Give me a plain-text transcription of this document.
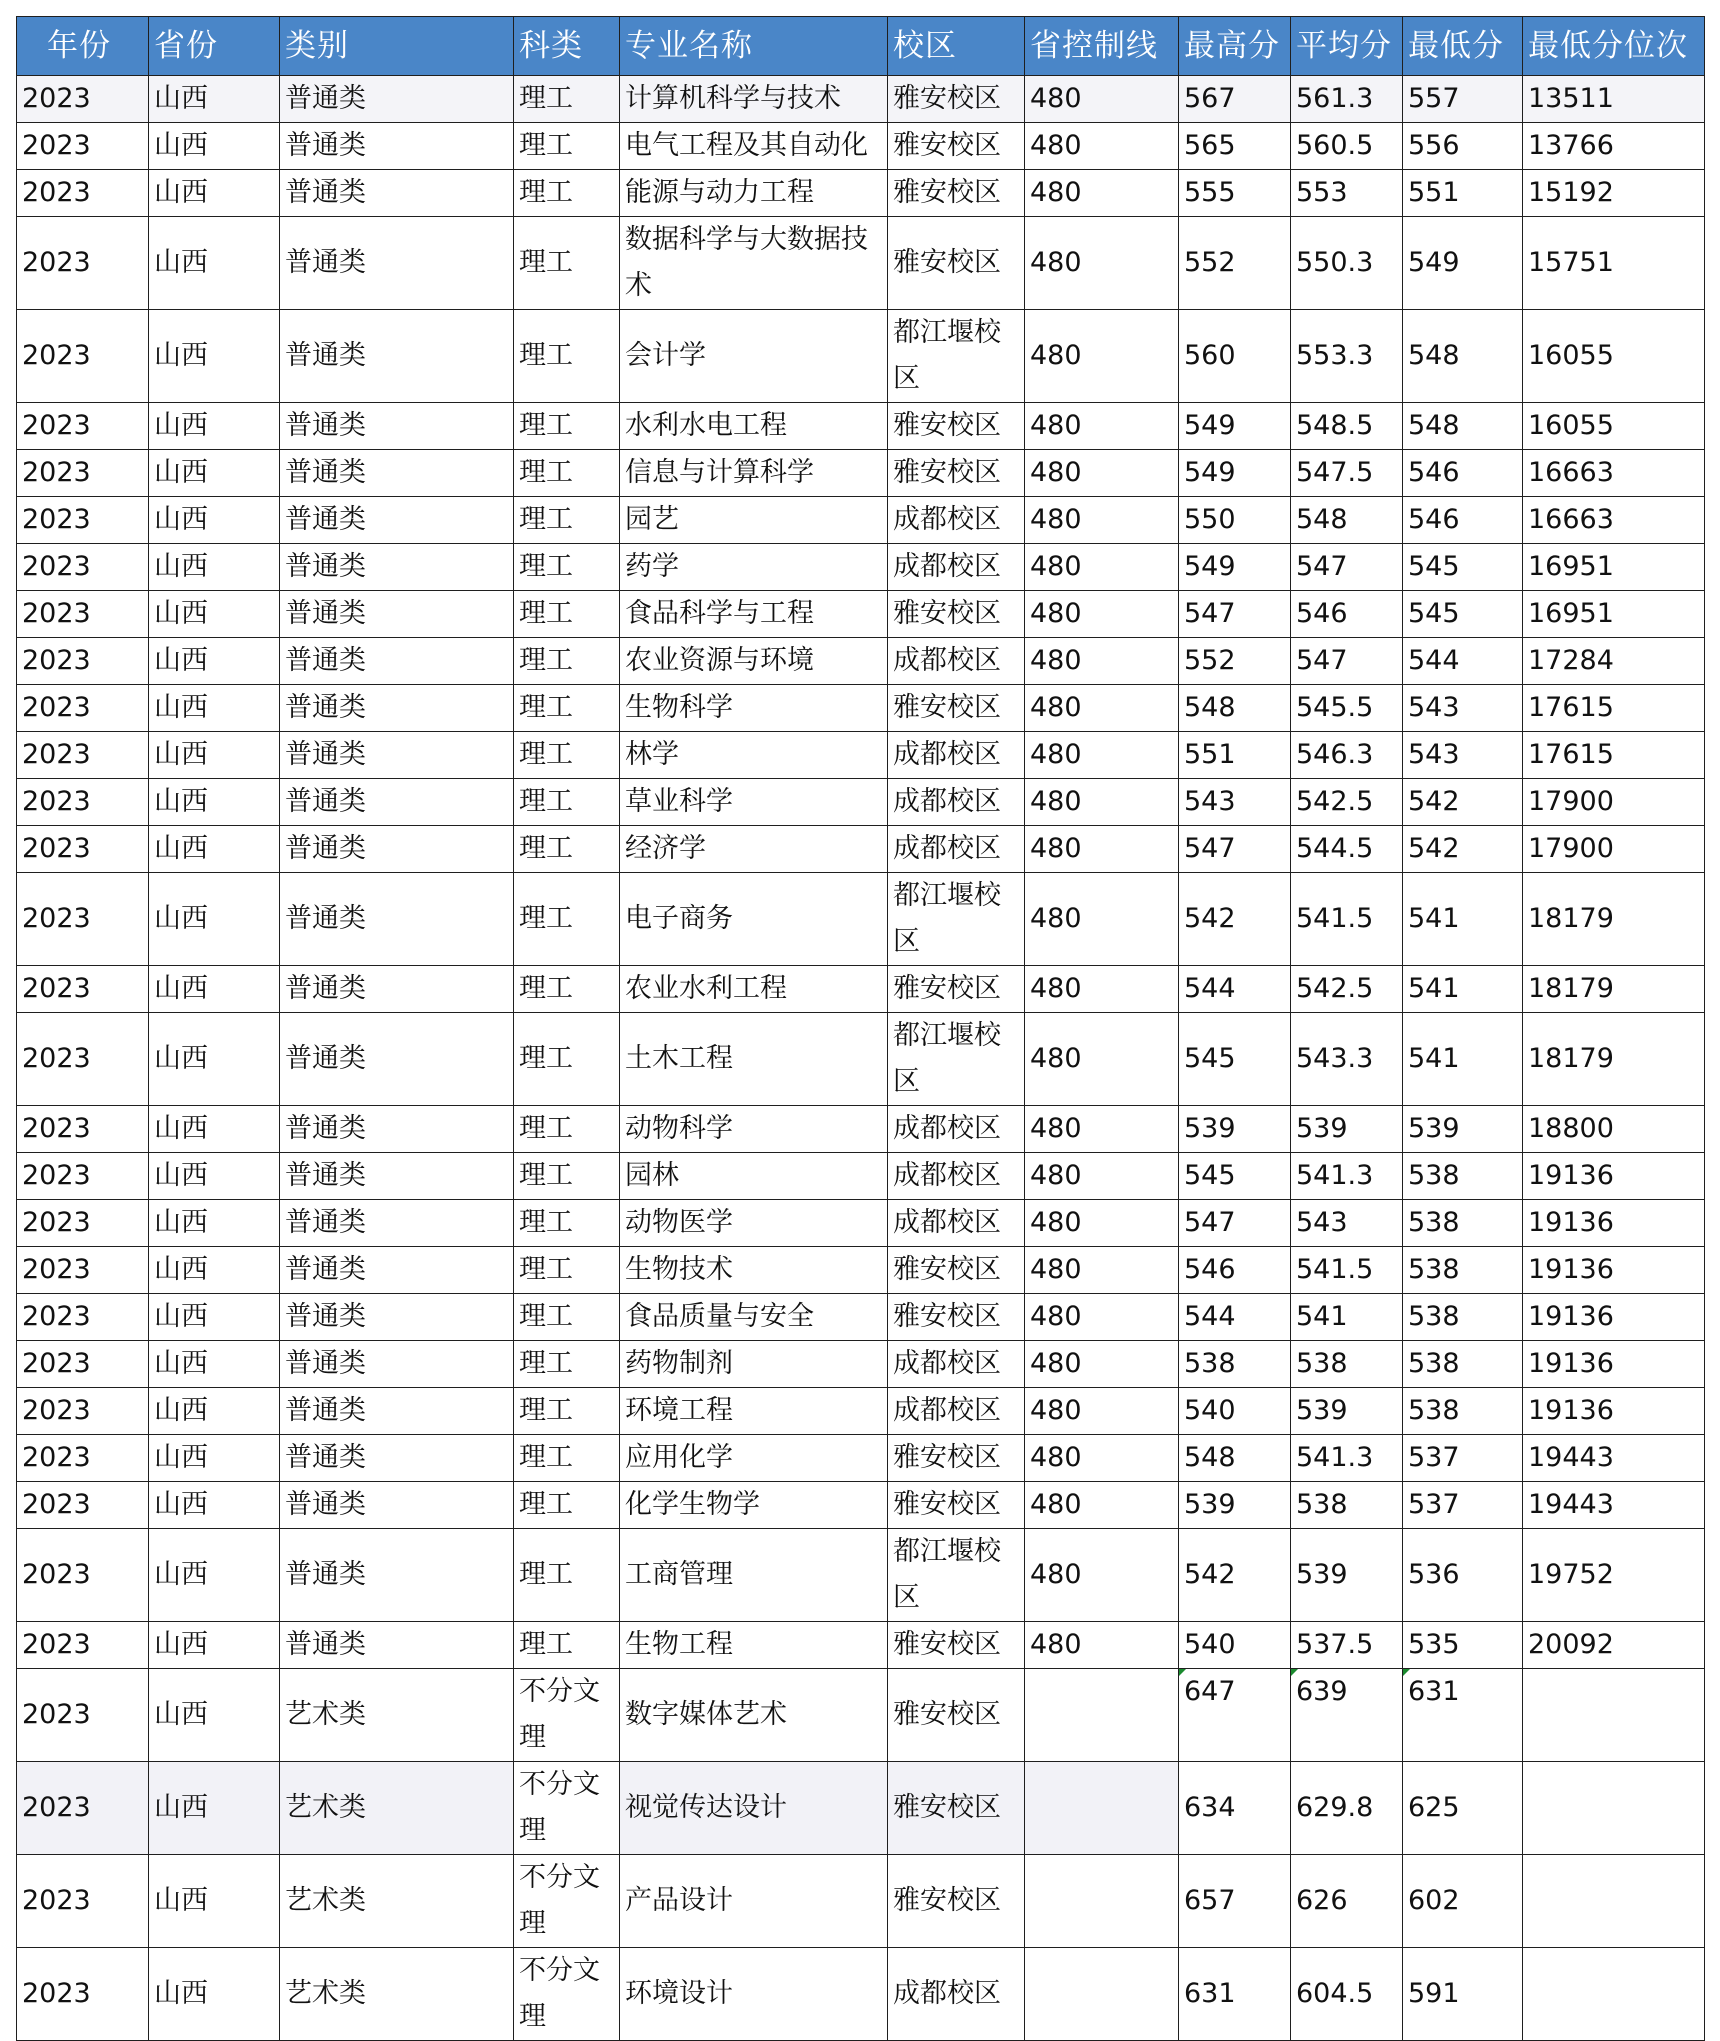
年份	省份	类别	科类	专业名称	校区	省控制线	最高分	平均分	最低分	最低分位次
2023	山西	普通类	理工	计算机科学与技术	雅安校区	480	567	561.3	557	13511
2023	山西	普通类	理工	电气工程及其自动化	雅安校区	480	565	560.5	556	13766
2023	山西	普通类	理工	能源与动力工程	雅安校区	480	555	553	551	15192
2023	山西	普通类	理工	数据科学与大数据技术	雅安校区	480	552	550.3	549	15751
2023	山西	普通类	理工	会计学	都江堰校区	480	560	553.3	548	16055
2023	山西	普通类	理工	水利水电工程	雅安校区	480	549	548.5	548	16055
2023	山西	普通类	理工	信息与计算科学	雅安校区	480	549	547.5	546	16663
2023	山西	普通类	理工	园艺	成都校区	480	550	548	546	16663
2023	山西	普通类	理工	药学	成都校区	480	549	547	545	16951
2023	山西	普通类	理工	食品科学与工程	雅安校区	480	547	546	545	16951
2023	山西	普通类	理工	农业资源与环境	成都校区	480	552	547	544	17284
2023	山西	普通类	理工	生物科学	雅安校区	480	548	545.5	543	17615
2023	山西	普通类	理工	林学	成都校区	480	551	546.3	543	17615
2023	山西	普通类	理工	草业科学	成都校区	480	543	542.5	542	17900
2023	山西	普通类	理工	经济学	成都校区	480	547	544.5	542	17900
2023	山西	普通类	理工	电子商务	都江堰校区	480	542	541.5	541	18179
2023	山西	普通类	理工	农业水利工程	雅安校区	480	544	542.5	541	18179
2023	山西	普通类	理工	土木工程	都江堰校区	480	545	543.3	541	18179
2023	山西	普通类	理工	动物科学	成都校区	480	539	539	539	18800
2023	山西	普通类	理工	园林	成都校区	480	545	541.3	538	19136
2023	山西	普通类	理工	动物医学	成都校区	480	547	543	538	19136
2023	山西	普通类	理工	生物技术	雅安校区	480	546	541.5	538	19136
2023	山西	普通类	理工	食品质量与安全	雅安校区	480	544	541	538	19136
2023	山西	普通类	理工	药物制剂	成都校区	480	538	538	538	19136
2023	山西	普通类	理工	环境工程	成都校区	480	540	539	538	19136
2023	山西	普通类	理工	应用化学	雅安校区	480	548	541.3	537	19443
2023	山西	普通类	理工	化学生物学	雅安校区	480	539	538	537	19443
2023	山西	普通类	理工	工商管理	都江堰校区	480	542	539	536	19752
2023	山西	普通类	理工	生物工程	雅安校区	480	540	537.5	535	20092
2023	山西	艺术类	不分文理	数字媒体艺术	雅安校区		647	639	631	
2023	山西	艺术类	不分文理	视觉传达设计	雅安校区		634	629.8	625	
2023	山西	艺术类	不分文理	产品设计	雅安校区		657	626	602	
2023	山西	艺术类	不分文理	环境设计	成都校区		631	604.5	591	
